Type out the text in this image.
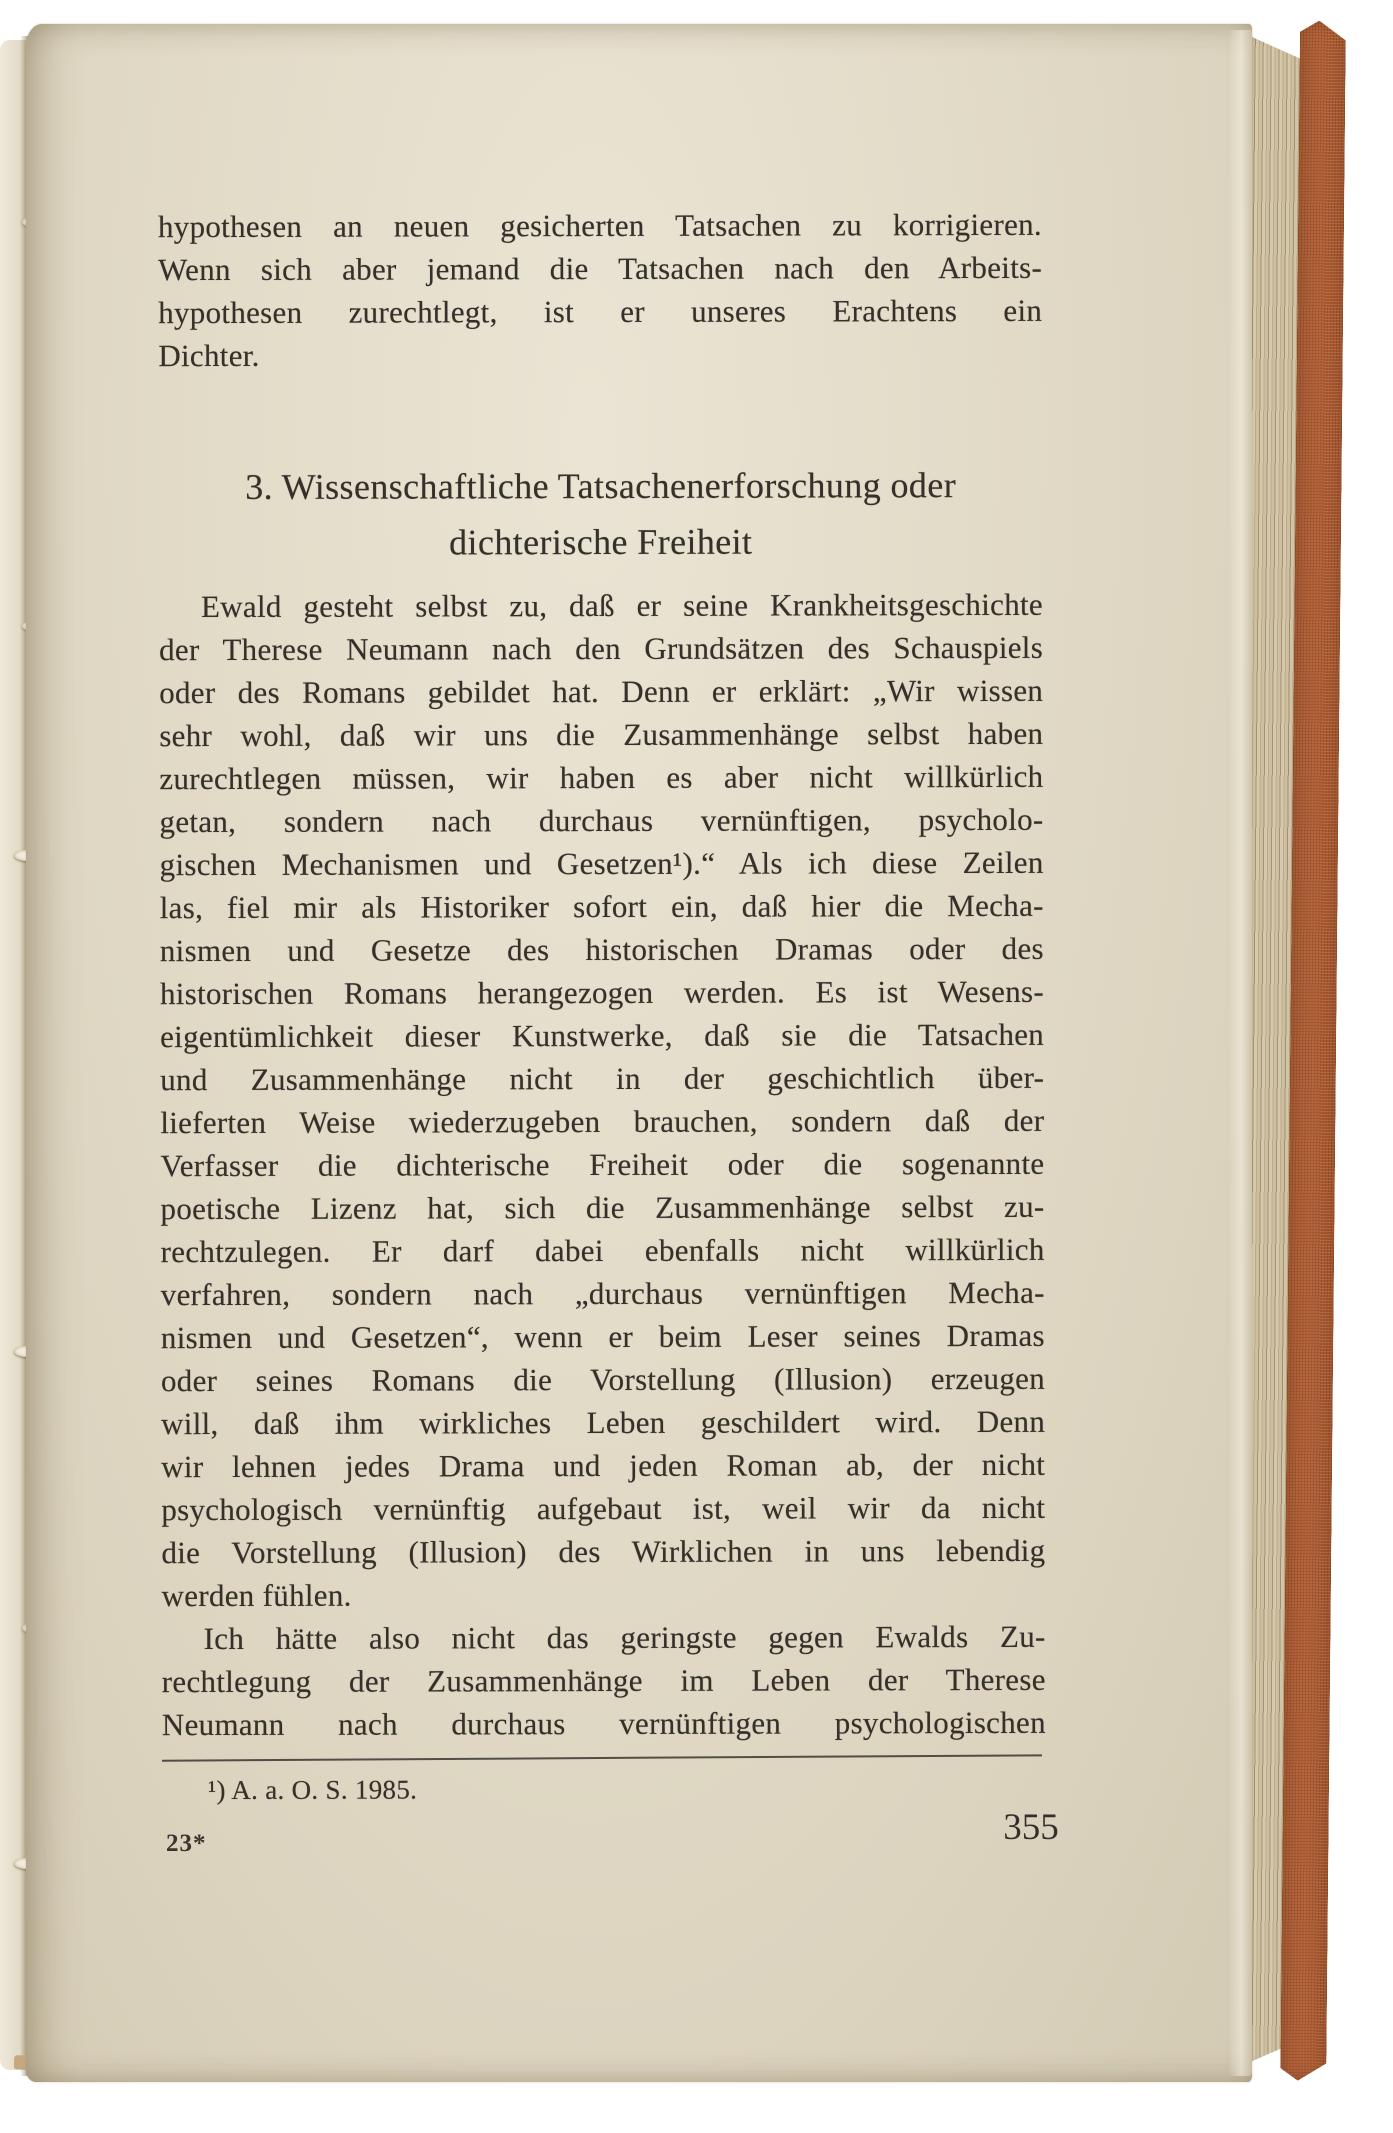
hypothesen an neuen gesicherten Tatsachen zu korrigieren.
Wenn sich aber jemand die Tatsachen nach den Arbeits-
hypothesen zurechtlegt, ist er unseres Erachtens ein
Dichter.

3. Wissenschaftliche Tatsachenerforschung oder
dichterische Freiheit

Ewald gesteht selbst zu, daß er seine Krankheitsgeschichte
der Therese Neumann nach den Grundsätzen des Schauspiels
oder des Romans gebildet hat. Denn er erklärt: „Wir wissen
sehr wohl, daß wir uns die Zusammenhänge selbst haben
zurechtlegen müssen, wir haben es aber nicht willkürlich
getan, sondern nach durchaus vernünftigen, psycholo-
gischen Mechanismen und Gesetzen¹).“ Als ich diese Zeilen
las, fiel mir als Historiker sofort ein, daß hier die Mecha-
nismen und Gesetze des historischen Dramas oder des
historischen Romans herangezogen werden. Es ist Wesens-
eigentümlichkeit dieser Kunstwerke, daß sie die Tatsachen
und Zusammenhänge nicht in der geschichtlich über-
lieferten Weise wiederzugeben brauchen, sondern daß der
Verfasser die dichterische Freiheit oder die sogenannte
poetische Lizenz hat, sich die Zusammenhänge selbst zu-
rechtzulegen. Er darf dabei ebenfalls nicht willkürlich
verfahren, sondern nach „durchaus vernünftigen Mecha-
nismen und Gesetzen“, wenn er beim Leser seines Dramas
oder seines Romans die Vorstellung (Illusion) erzeugen
will, daß ihm wirkliches Leben geschildert wird. Denn
wir lehnen jedes Drama und jeden Roman ab, der nicht
psychologisch vernünftig aufgebaut ist, weil wir da nicht
die Vorstellung (Illusion) des Wirklichen in uns lebendig
werden fühlen.

Ich hätte also nicht das geringste gegen Ewalds Zu-
rechtlegung der Zusammenhänge im Leben der Therese
Neumann nach durchaus vernünftigen psychologischen

¹) A. a. O. S. 1985.
23*	355
